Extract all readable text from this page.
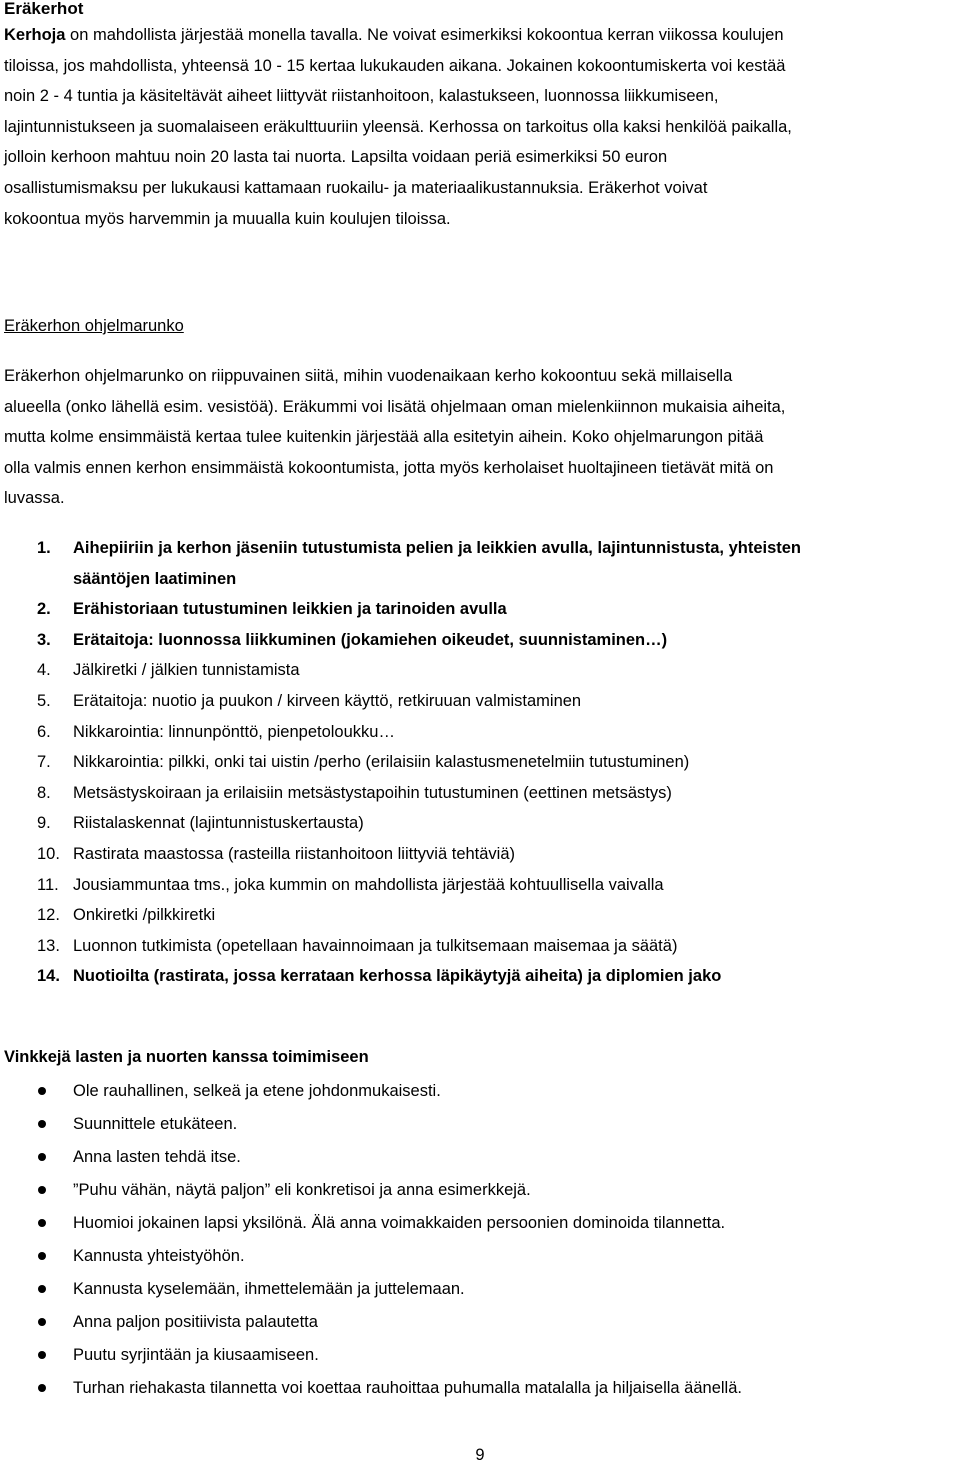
Eräkerhot
Kerhoja on mahdollista järjestää monella tavalla. Ne voivat esimerkiksi kokoontua kerran viikossa koulujen
tiloissa, jos mahdollista, yhteensä 10 - 15 kertaa lukukauden aikana. Jokainen kokoontumiskerta voi kestää
noin 2 - 4 tuntia ja käsiteltävät aiheet liittyvät riistanhoitoon, kalastukseen, luonnossa liikkumiseen,
lajintunnistukseen ja suomalaiseen eräkulttuuriin yleensä. Kerhossa on tarkoitus olla kaksi henkilöä paikalla,
jolloin kerhoon mahtuu noin 20 lasta tai nuorta. Lapsilta voidaan periä esimerkiksi 50 euron
osallistumismaksu per lukukausi kattamaan ruokailu- ja materiaalikustannuksia. Eräkerhot voivat
kokoontua myös harvemmin ja muualla kuin koulujen tiloissa.
Eräkerhon ohjelmarunko
Eräkerhon ohjelmarunko on riippuvainen siitä, mihin vuodenaikaan kerho kokoontuu sekä millaisella
alueella (onko lähellä esim. vesistöä). Eräkummi voi lisätä ohjelmaan oman mielenkiinnon mukaisia aiheita,
mutta kolme ensimmäistä kertaa tulee kuitenkin järjestää alla esitetyin aihein. Koko ohjelmarungon pitää
olla valmis ennen kerhon ensimmäistä kokoontumista, jotta myös kerholaiset huoltajineen tietävät mitä on
luvassa.
1. Aihepiiriin ja kerhon jäseniin tutustumista pelien ja leikkien avulla, lajintunnistusta, yhteisten
sääntöjen laatiminen
2. Erähistoriaan tutustuminen leikkien ja tarinoiden avulla
3. Erätaitoja: luonnossa liikkuminen (jokamiehen oikeudet, suunnistaminen…)
4. Jälkiretki / jälkien tunnistamista
5. Erätaitoja: nuotio ja puukon / kirveen käyttö, retkiruuan valmistaminen
6. Nikkarointia: linnunpönttö, pienpetoloukku…
7. Nikkarointia: pilkki, onki tai uistin /perho (erilaisiin kalastusmenetelmiin tutustuminen)
8. Metsästyskoiraan ja erilaisiin metsästystapoihin tutustuminen (eettinen metsästys)
9. Riistalaskennat (lajintunnistuskertausta)
10. Rastirata maastossa (rasteilla riistanhoitoon liittyviä tehtäviä)
11. Jousiammuntaa tms., joka kummin on mahdollista järjestää kohtuullisella vaivalla
12. Onkiretki /pilkkiretki
13. Luonnon tutkimista (opetellaan havainnoimaan ja tulkitsemaan maisemaa ja säätä)
14. Nuotioilta (rastirata, jossa kerrataan kerhossa läpikäytyjä aiheita) ja diplomien jako
Vinkkejä lasten ja nuorten kanssa toimimiseen
Ole rauhallinen, selkeä ja etene johdonmukaisesti.
Suunnittele etukäteen.
Anna lasten tehdä itse.
”Puhu vähän, näytä paljon” eli konkretisoi ja anna esimerkkejä.
Huomioi jokainen lapsi yksilönä. Älä anna voimakkaiden persoonien dominoida tilannetta.
Kannusta yhteistyöhön.
Kannusta kyselemään, ihmettelemään ja juttelemaan.
Anna paljon positiivista palautetta
Puutu syrjintään ja kiusaamiseen.
Turhan riehakasta tilannetta voi koettaa rauhoittaa puhumalla matalalla ja hiljaisella äänellä.
9
